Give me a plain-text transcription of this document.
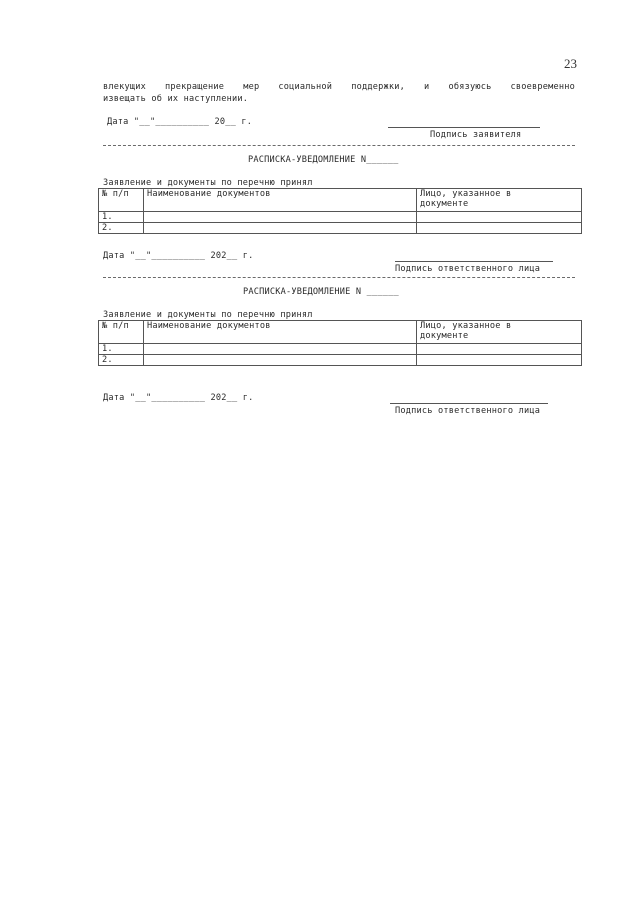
23
влекущих прекращение мер социальной поддержки, и обязуюсь своевременно
извещать об их наступлении.
Дата "__"__________ 20__ г.
Подпись заявителя
РАСПИСКА-УВЕДОМЛЕНИЕ N______
Заявление и документы по перечню принял
№ п/п	Наименование документов	Лицо, указанное в
документе
1.		
2.		
Дата "__"__________ 202__ г.
Подпись ответственного лица
РАСПИСКА-УВЕДОМЛЕНИЕ N ______
Заявление и документы по перечню принял
№ п/п	Наименование документов	Лицо, указанное в
документе
1.		
2.		
Дата "__"__________ 202__ г.
Подпись ответственного лица
